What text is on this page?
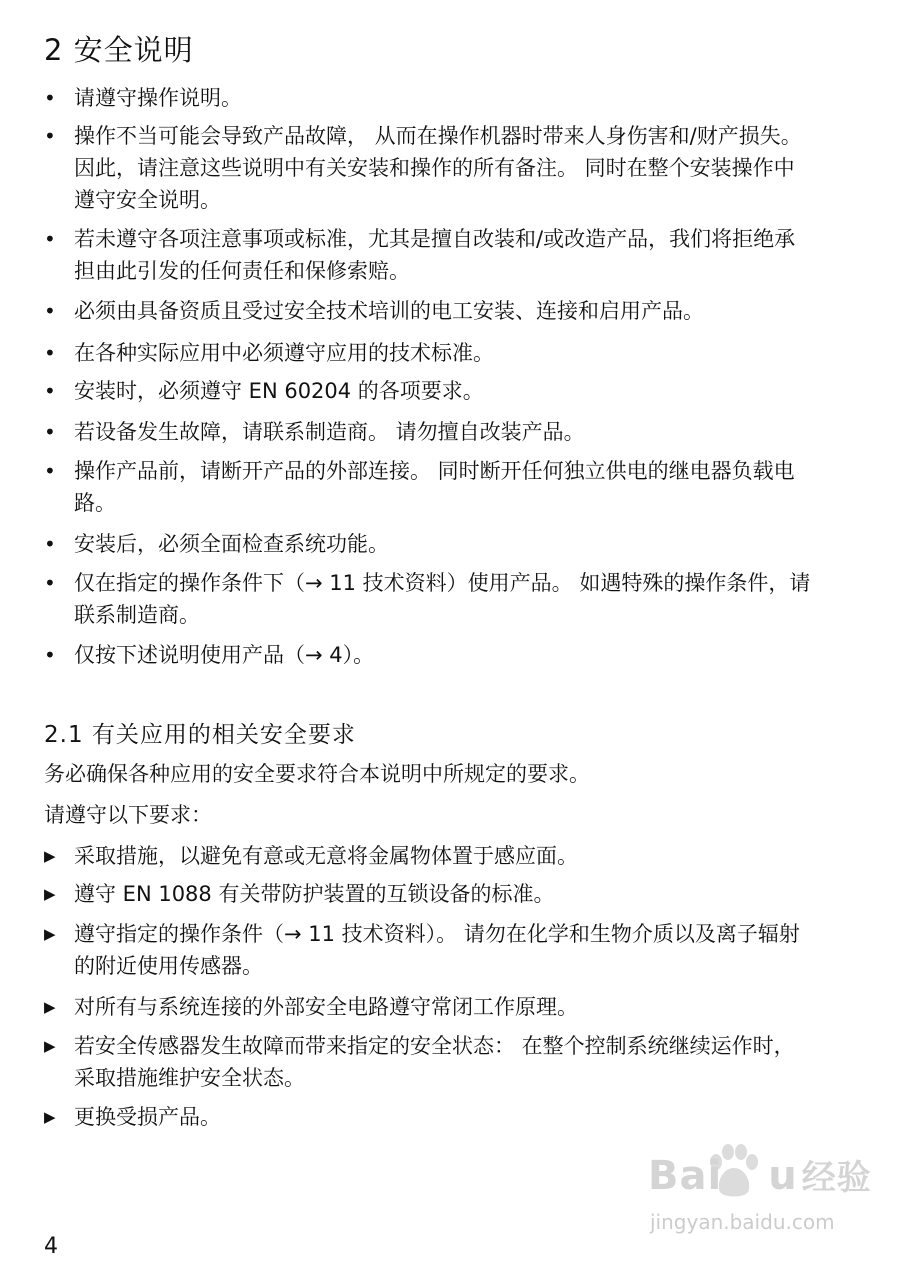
2 安全说明
• 请遵守操作说明。
• 操作不当可能会导致产品故障， 从而在操作机器时带来人身伤害和/财产损失。
因此，请注意这些说明中有关安装和操作的所有备注。 同时在整个安装操作中
遵守安全说明。
• 若未遵守各项注意事项或标准，尤其是擅自改装和/或改造产品，我们将拒绝承
担由此引发的任何责任和保修索赔。
• 必须由具备资质且受过安全技术培训的电工安装、连接和启用产品。
• 在各种实际应用中必须遵守应用的技术标准。
• 安装时，必须遵守 EN 60204 的各项要求。
• 若设备发生故障，请联系制造商。 请勿擅自改装产品。
• 操作产品前，请断开产品的外部连接。 同时断开任何独立供电的继电器负载电
路。
• 安装后，必须全面检查系统功能。
• 仅在指定的操作条件下（→ 11 技术资料）使用产品。 如遇特殊的操作条件，请
联系制造商。
• 仅按下述说明使用产品（→ 4）。
2.1 有关应用的相关安全要求
务必确保各种应用的安全要求符合本说明中所规定的要求。
请遵守以下要求：
▶ 采取措施，以避免有意或无意将金属物体置于感应面。
▶ 遵守 EN 1088 有关带防护装置的互锁设备的标准。
▶ 遵守指定的操作条件（→ 11 技术资料）。 请勿在化学和生物介质以及离子辐射
的附近使用传感器。
▶ 对所有与系统连接的外部安全电路遵守常闭工作原理。
▶ 若安全传感器发生故障而带来指定的安全状态： 在整个控制系统继续运作时，
采取措施维护安全状态。
▶ 更换受损产品。
4
Bai u 经验
jingyan.baidu.com
